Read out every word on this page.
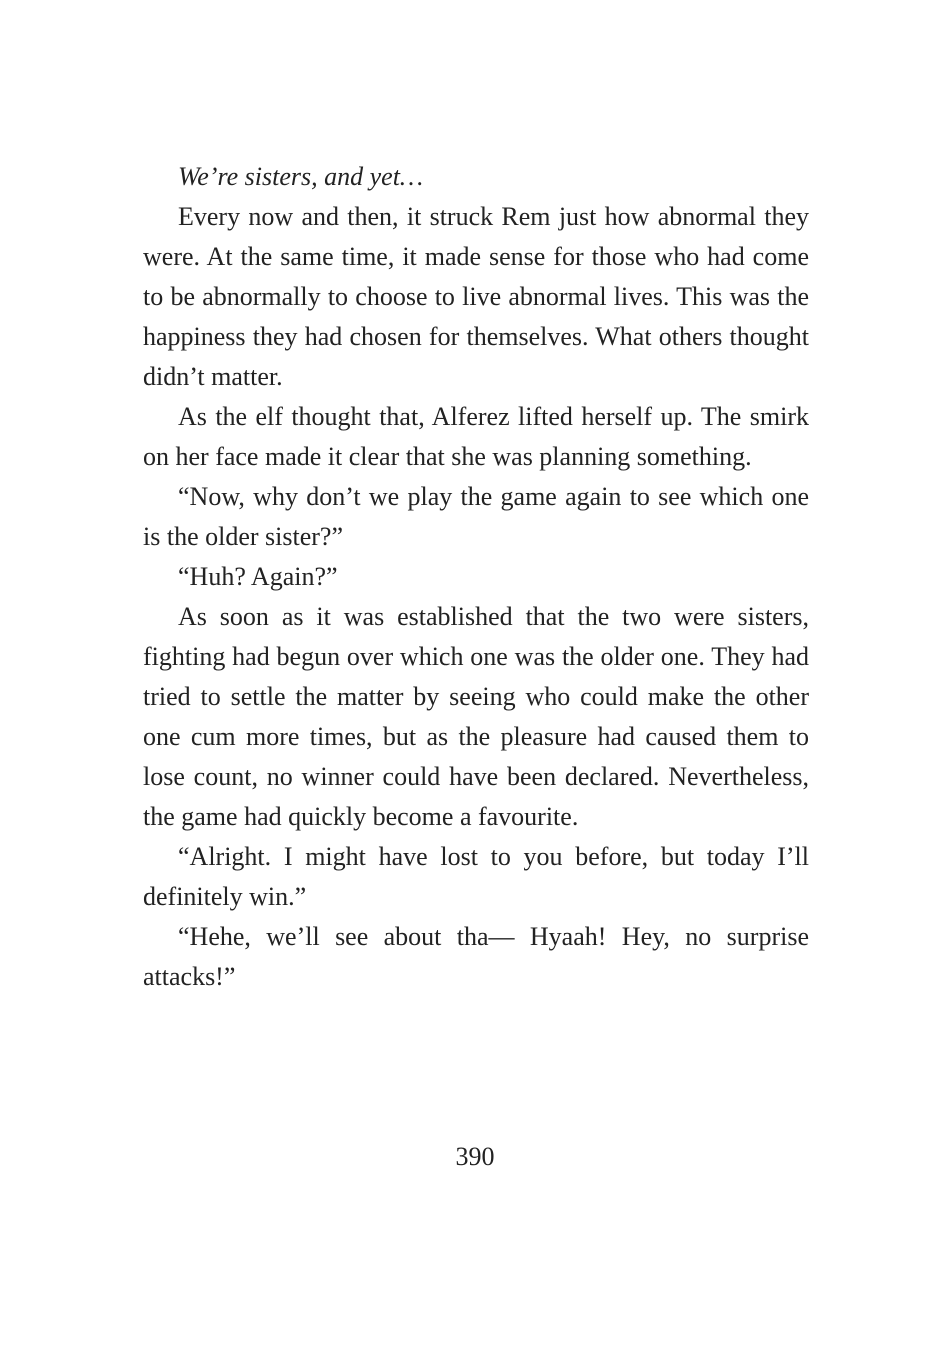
We’re sisters, and yet…

Every now and then, it struck Rem just how abnormal they were. At the same time, it made sense for those who had come to be abnormally to choose to live abnormal lives. This was the happiness they had chosen for themselves. What others thought didn’t matter.

As the elf thought that, Alferez lifted herself up. The smirk on her face made it clear that she was planning something.

“Now, why don’t we play the game again to see which one is the older sister?”

“Huh? Again?”

As soon as it was established that the two were sisters, fighting had begun over which one was the older one. They had tried to settle the matter by seeing who could make the other one cum more times, but as the pleasure had caused them to lose count, no winner could have been declared. Nevertheless, the game had quickly become a favourite.

“Alright. I might have lost to you before, but today I’ll definitely win.”

“Hehe, we’ll see about tha— Hyaah! Hey, no surprise attacks!”

390
